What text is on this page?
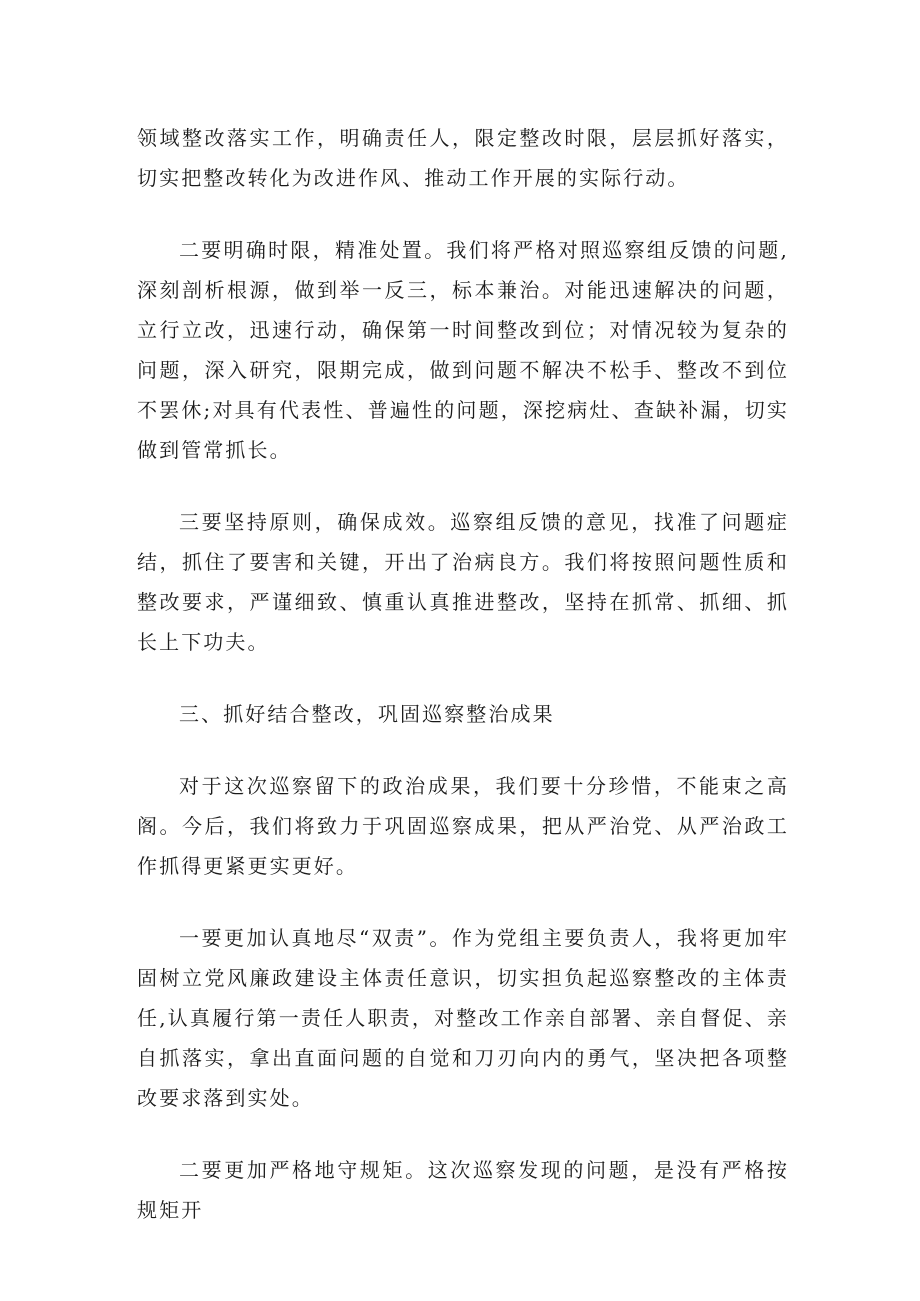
领域整改落实工作，明确责任人，限定整改时限，层层抓好落实，切实把整改转化为改进作风、推动工作开展的实际行动。

二要明确时限，精准处置。我们将严格对照巡察组反馈的问题,深刻剖析根源，做到举一反三，标本兼治。对能迅速解决的问题，立行立改，迅速行动，确保第一时间整改到位；对情况较为复杂的问题，深入研究，限期完成，做到问题不解决不松手、整改不到位不罢休;对具有代表性、普遍性的问题，深挖病灶、查缺补漏，切实做到管常抓长。

三要坚持原则，确保成效。巡察组反馈的意见，找准了问题症结，抓住了要害和关键，开出了治病良方。我们将按照问题性质和整改要求，严谨细致、慎重认真推进整改，坚持在抓常、抓细、抓长上下功夫。

三、抓好结合整改，巩固巡察整治成果

对于这次巡察留下的政治成果，我们要十分珍惜，不能束之高阁。今后，我们将致力于巩固巡察成果，把从严治党、从严治政工作抓得更紧更实更好。

一要更加认真地尽“双责”。作为党组主要负责人，我将更加牢固树立党风廉政建设主体责任意识，切实担负起巡察整改的主体责任,认真履行第一责任人职责，对整改工作亲自部署、亲自督促、亲自抓落实，拿出直面问题的自觉和刀刃向内的勇气，坚决把各项整改要求落到实处。

二要更加严格地守规矩。这次巡察发现的问题，是没有严格按规矩开
